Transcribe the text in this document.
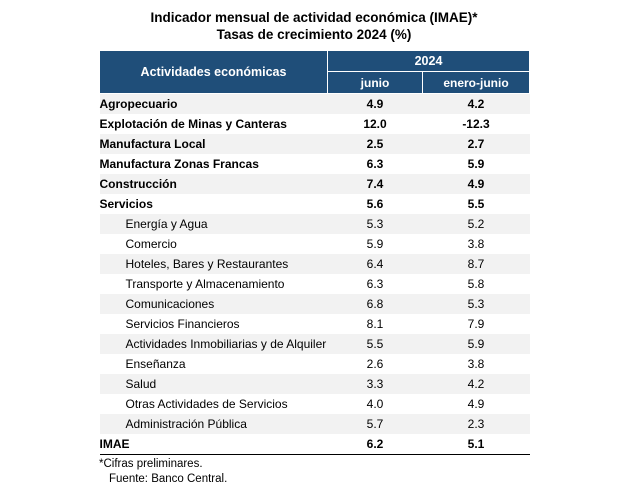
Indicador mensual de actividad económica (IMAE)*
Tasas de crecimiento 2024 (%)
Actividades económicas	2024	
	junio	enero-junio
Agropecuario	4.9	4.2
Explotación de Minas y Canteras	12.0	-12.3
Manufactura Local	2.5	2.7
Manufactura Zonas Francas	6.3	5.9
Construcción	7.4	4.9
Servicios	5.6	5.5
Energía y Agua	5.3	5.2
Comercio	5.9	3.8
Hoteles, Bares y Restaurantes	6.4	8.7
Transporte y Almacenamiento	6.3	5.8
Comunicaciones	6.8	5.3
Servicios Financieros	8.1	7.9
Actividades Inmobiliarias y de Alquiler	5.5	5.9
Enseñanza	2.6	3.8
Salud	3.3	4.2
Otras Actividades de Servicios	4.0	4.9
Administración Pública	5.7	2.3
IMAE	6.2	5.1
*Cifras preliminares.
Fuente: Banco Central.
